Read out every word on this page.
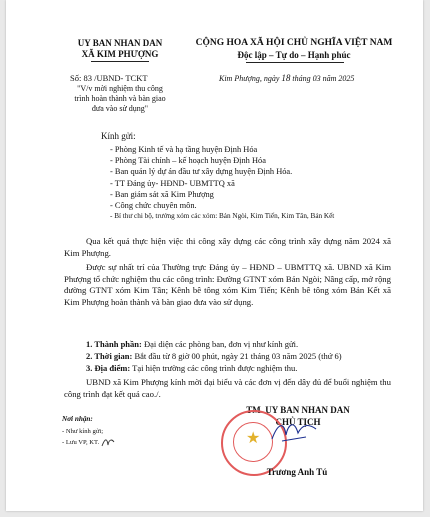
UY BAN NHAN DAN
XÃ KIM PHƯỢNG
Số: 83 /UBND- TCKT
"V/v mời nghiệm thu công
trình hoàn thành và bàn giao
đưa vào sử dụng"
CỘNG HOA XÃ HỘI CHỦ NGHĨA VIỆT NAM
Độc lập – Tự do – Hạnh phúc
Kim Phượng, ngày 18 tháng 03 năm 2025
Kính gửi:
- Phòng Kinh tế và hạ tầng huyện Định Hóa
- Phòng Tài chính – kế hoạch huyện Định Hóa
- Ban quản lý dự án đầu tư xây dựng huyện Định Hóa.
- TT Đảng ủy- HĐND- UBMTTQ xã
- Ban giám sát xã Kim Phượng
- Công chức chuyên môn.
- Bí thư chi bộ, trưởng xóm các xóm: Bản Ngòi, Kim Tiến, Kim Tân, Bản Kết
Qua kết quả thực hiện việc thi công xây dựng các công trình xây dựng năm 2024 xã Kim Phượng.
Được sự nhất trí của Thường trực Đảng ủy – HĐND – UBMTTQ xã. UBND xã Kim Phượng tổ chức nghiệm thu các công trình: Đường GTNT xóm Bản Ngòi; Nâng cấp, mở rộng đường GTNT xóm Kim Tân; Kênh bê tông xóm Kim Tiến; Kênh bê tông xóm Bản Kết xã Kim Phượng hoàn thành và bàn giao đưa vào sử dụng.
1. Thành phần: Đại diện các phòng ban, đơn vị như kính gửi.
2. Thời gian: Bắt đầu từ 8 giờ 00 phút, ngày 21 tháng 03 năm 2025 (thứ 6)
3. Địa điểm: Tại hiện trường các công trình được nghiệm thu.
UBND xã Kim Phượng kính mời đại biểu và các đơn vị đến dây đủ để buổi nghiệm thu công trình đạt kết quả cao./.
Nơi nhận:
- Như kính gửi;
- Lưu VP, KT.
TM. UY BAN NHAN DAN
CHỦ TỊCH
★
Trương Anh Tú
